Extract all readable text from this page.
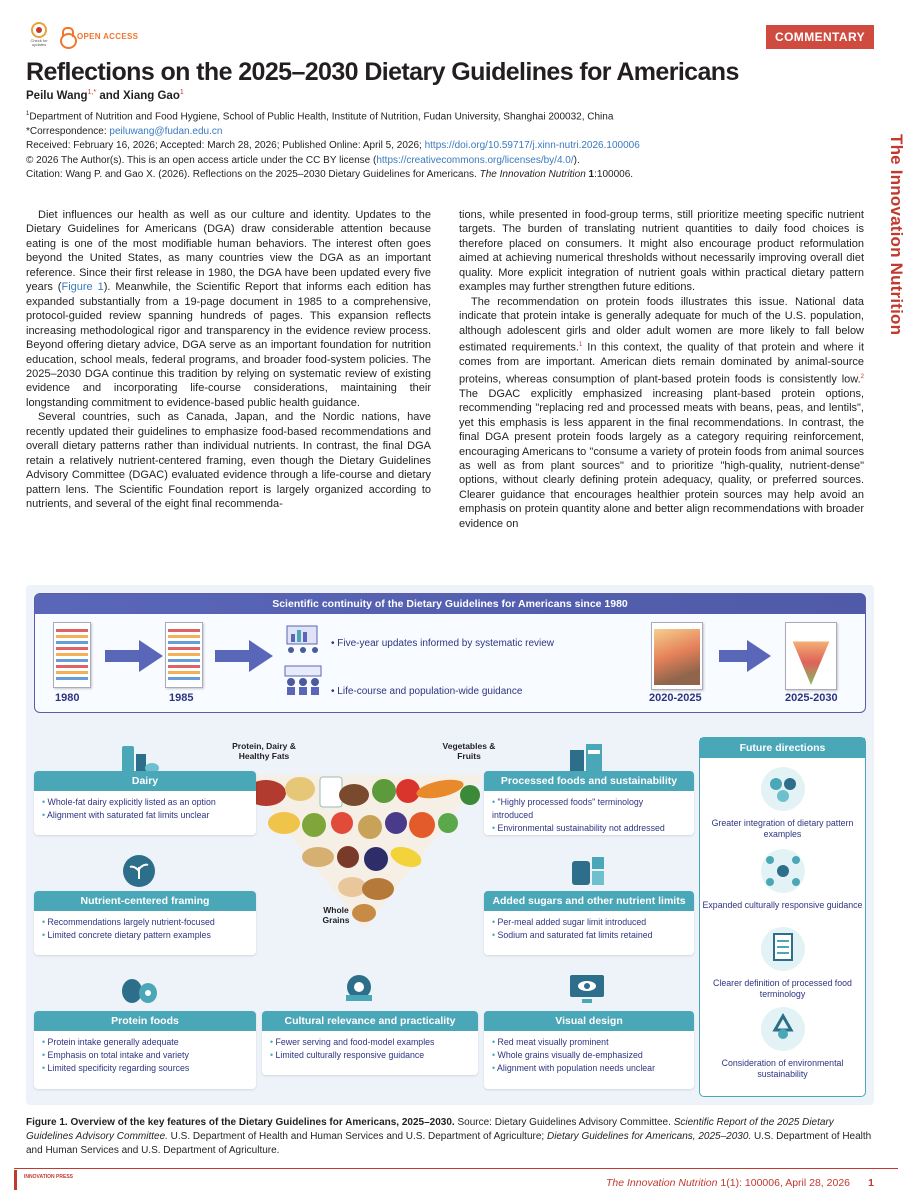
Check for updates
OPEN ACCESS	COMMENTARY
The Innovation Nutrition
Reflections on the 2025–2030 Dietary Guidelines for Americans
Peilu Wang$^{1,*}$ and Xiang Gao$^1$
$^1$Department of Nutrition and Food Hygiene, School of Public Health, Institute of Nutrition, Fudan University, Shanghai 200032, China
*Correspondence: peiluwang@fudan.edu.cn
Received: February 16, 2026; Accepted: March 28, 2026; Published Online: April 5, 2026; https://doi.org/10.59717/j.xinn-nutri.2026.100006
© 2026 The Author(s). This is an open access article under the CC BY license (https://creativecommons.org/licenses/by/4.0/).
Citation: Wang P. and Gao X. (2026). Reflections on the 2025–2030 Dietary Guidelines for Americans. The Innovation Nutrition 1:100006.

Diet influences our health as well as our culture and identity. Updates to the Dietary Guidelines for Americans (DGA) draw considerable attention because eating is one of the most modifiable human behaviors. The interest often goes beyond the United States, as many countries view the DGA as an important reference. Since their first release in 1980, the DGA have been updated every five years (Figure 1). Meanwhile, the Scientific Report that informs each edition has expanded substantially from a 19-page document in 1985 to a comprehensive, protocol-guided review spanning hundreds of pages. This expansion reflects increasing methodological rigor and transparency in the evidence review process. Beyond offering dietary advice, DGA serve as an important foundation for nutrition education, school meals, federal programs, and broader food-system policies. The 2025–2030 DGA continue this tradition by relying on systematic review of existing evidence and incorporating life-course considerations, maintaining their longstanding commitment to evidence-based public health guidance.

Several countries, such as Canada, Japan, and the Nordic nations, have recently updated their guidelines to emphasize food-based recommendations and overall dietary patterns rather than individual nutrients. In contrast, the final DGA retain a relatively nutrient-centered framing, even though the Dietary Guidelines Advisory Committee (DGAC) evaluated evidence through a life-course and dietary pattern lens. The Scientific Foundation report is largely organized according to nutrients, and several of the eight final recommenda-

tions, while presented in food-group terms, still prioritize meeting specific nutrient targets. The burden of translating nutrient quantities to daily food choices is therefore placed on consumers. It might also encourage product reformulation aimed at achieving numerical thresholds without necessarily improving overall diet quality. More explicit integration of nutrient goals within practical dietary pattern examples may further strengthen future editions.

The recommendation on protein foods illustrates this issue. National data indicate that protein intake is generally adequate for much of the U.S. population, although adolescent girls and older adult women are more likely to fall below estimated requirements.$^1$ In this context, the quality of that protein and where it comes from are important. American diets remain dominated by animal-source proteins, whereas consumption of plant-based protein foods is consistently low.$^2$ The DGAC explicitly emphasized increasing plant-based protein options, recommending "replacing red and processed meats with beans, peas, and lentils", yet this emphasis is less apparent in the final recommendations. In contrast, the final DGA present protein foods largely as a category requiring reinforcement, encouraging Americans to "consume a variety of protein foods from animal sources as well as from plant sources" and to prioritize "high-quality, nutrient-dense" options, without clearly defining protein adequacy, quality, or preferred sources. Clearer guidance that encourages healthier protein sources may help avoid an emphasis on protein quantity alone and better align recommendations with broader evidence on

Scientific continuity of the Dietary Guidelines for Americans since 1980
1980	1985
• Five-year updates informed by systematic review
• Life-course and population-wide guidance
2020-2025	2025-2030
Protein, Dairy & Healthy Fats
Vegetables & Fruits
Whole Grains
Dairy
• Whole-fat dairy explicitly listed as an option
• Alignment with saturated fat limits unclear
Nutrient-centered framing
• Recommendations largely nutrient-focused
• Limited concrete dietary pattern examples
Protein foods
• Protein intake generally adequate
• Emphasis on total intake and variety
• Limited specificity regarding sources
Cultural relevance and practicality
• Fewer serving and food-model examples
• Limited culturally responsive guidance
Processed foods and sustainability
• "Highly processed foods" terminology introduced
• Environmental sustainability not addressed
Added sugars and other nutrient limits
• Per-meal added sugar limit introduced
• Sodium and saturated fat limits retained
Visual design
• Red meat visually prominent
• Whole grains visually de-emphasized
• Alignment with population needs unclear
Future directions
Greater integration of dietary pattern examples
Expanded culturally responsive guidance
Clearer definition of processed food terminology
Consideration of environmental sustainability
Figure 1. Overview of the key features of the Dietary Guidelines for Americans, 2025–2030. Source: Dietary Guidelines Advisory Committee. Scientific Report of the 2025 Dietary Guidelines Advisory Committee. U.S. Department of Health and Human Services and U.S. Department of Agriculture; Dietary Guidelines for Americans, 2025–2030. U.S. Department of Health and Human Services and U.S. Department of Agriculture.
INNOVATION PRESS	The Innovation Nutrition 1(1): 100006, April 28, 2026 1
